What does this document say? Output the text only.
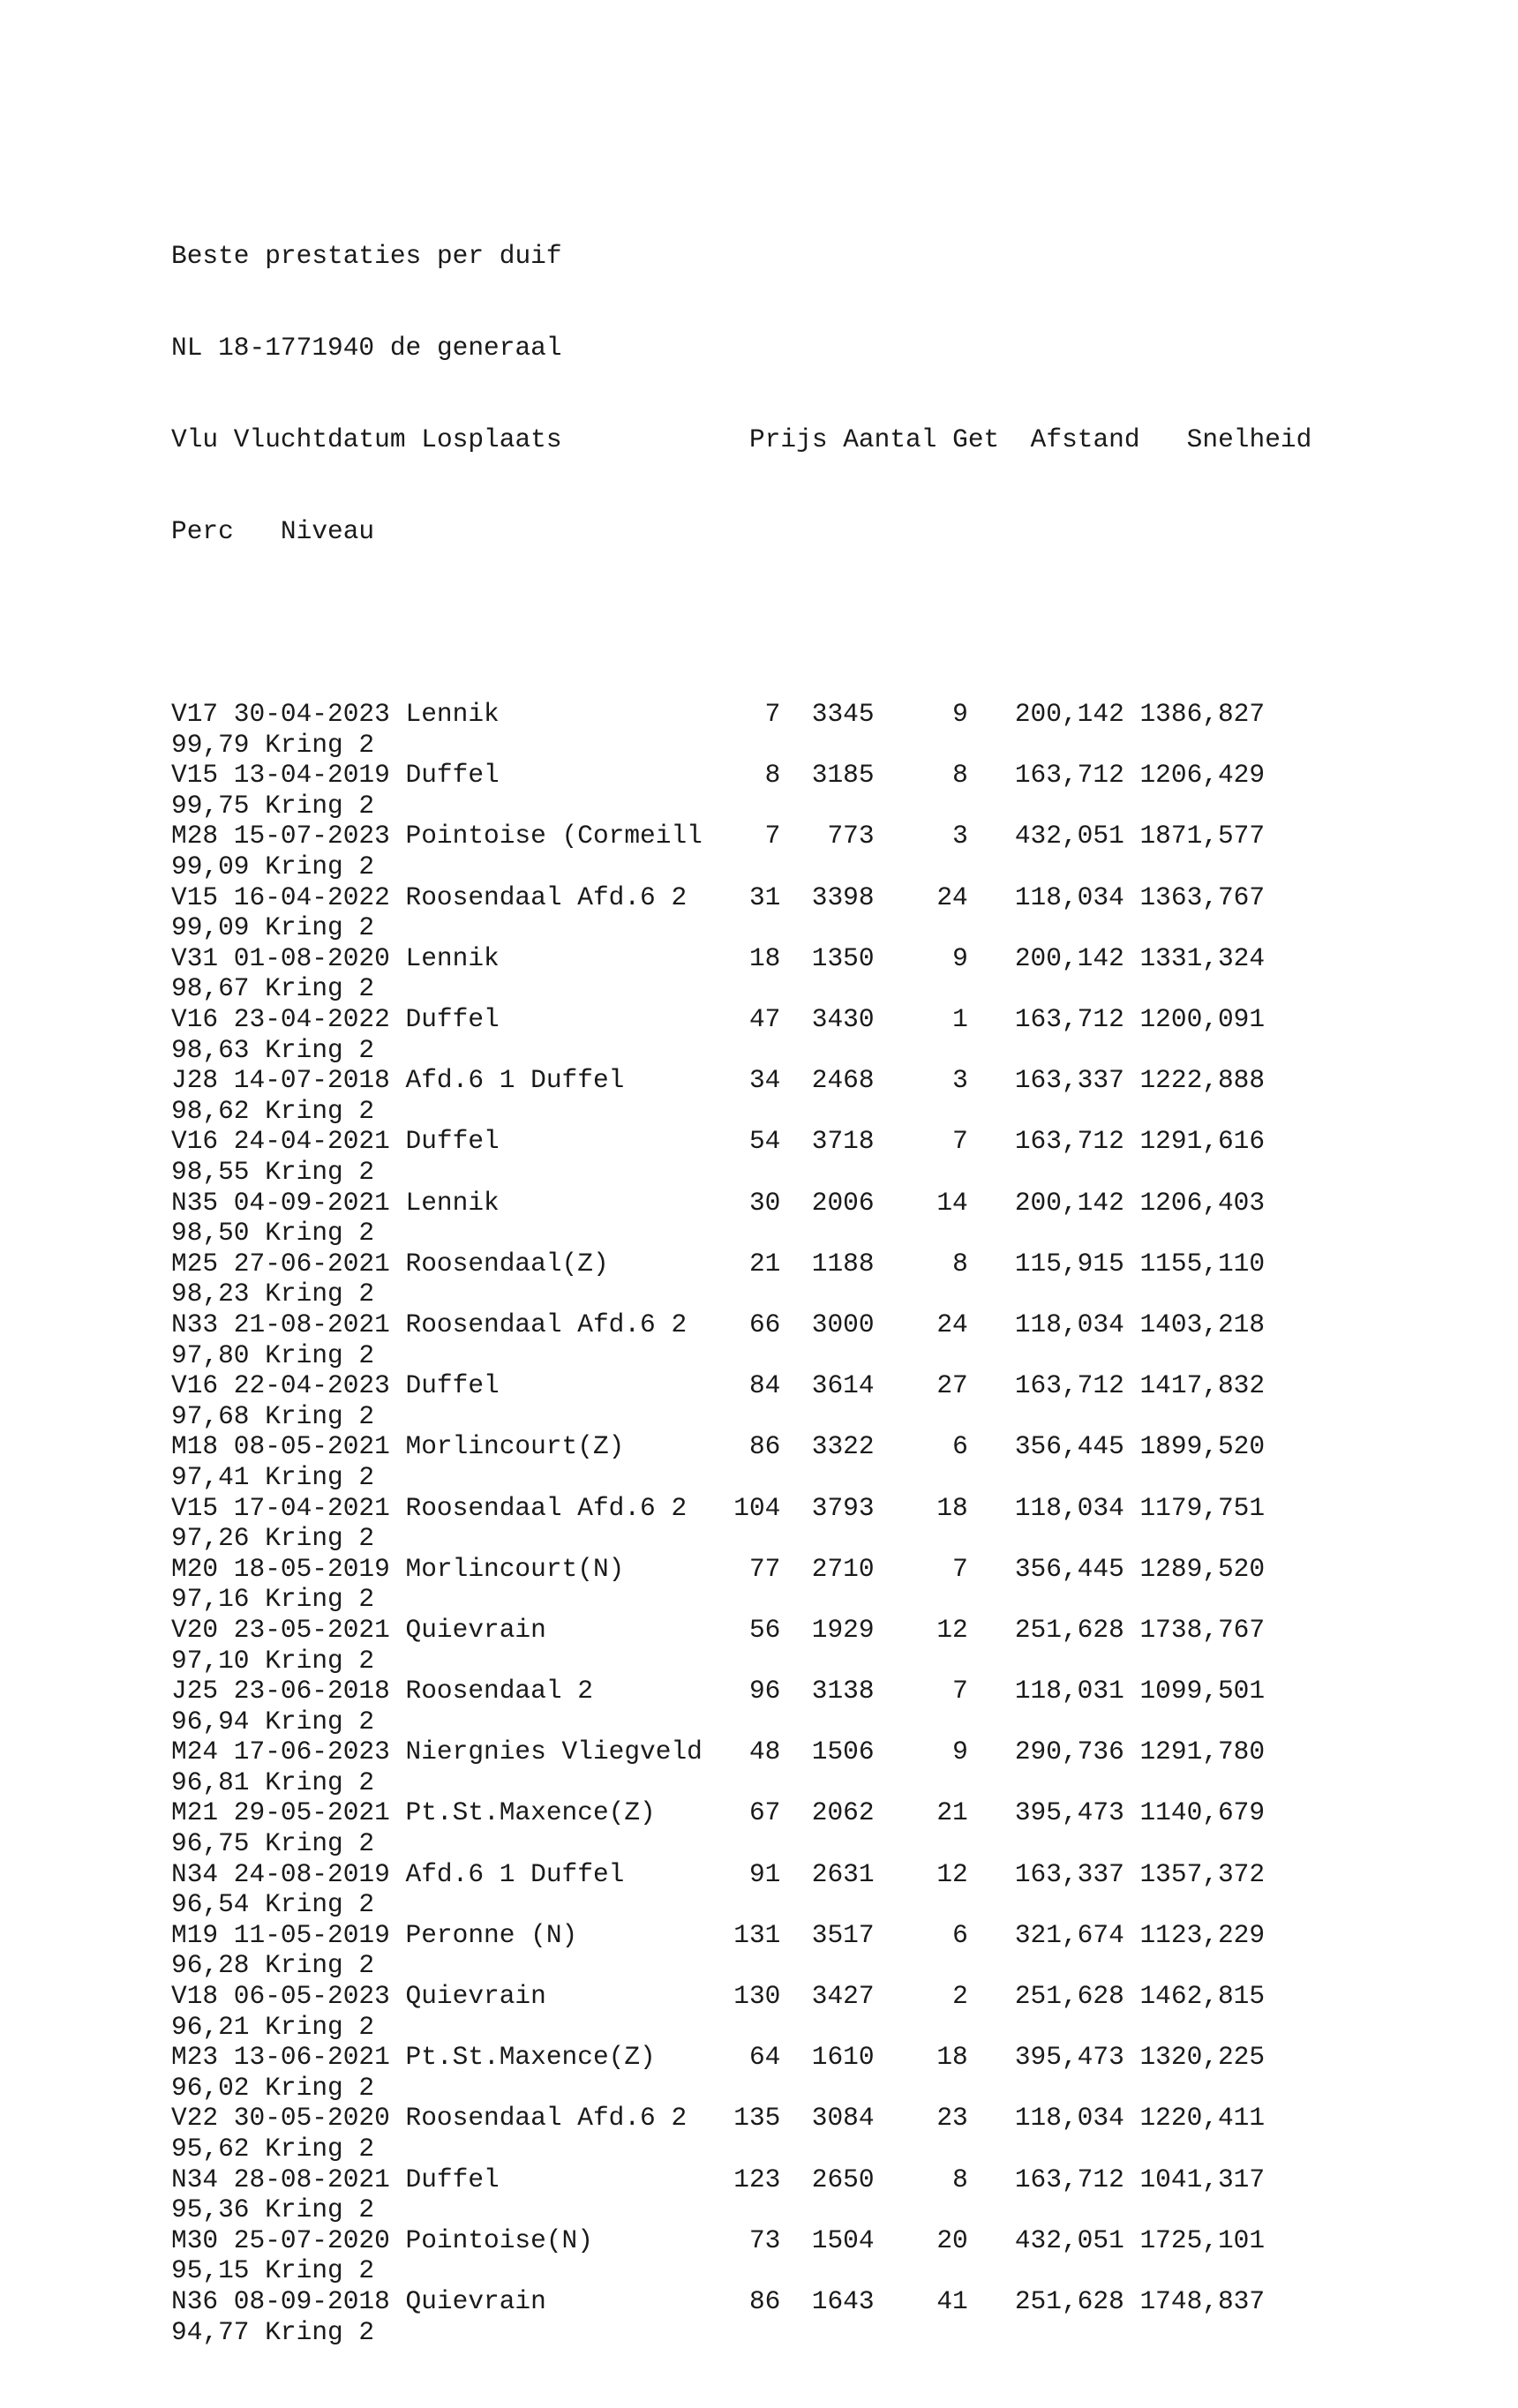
Beste prestaties per duif

NL 18-1771940 de generaal

Vlu Vluchtdatum Losplaats            Prijs Aantal Get  Afstand   Snelheid

Perc   Niveau

V17 30-04-2023 Lennik	7 3345	9 200,142 1386,827
99,79 Kring 2
V15 13-04-2019 Duffel	8 3185	8 163,712 1206,429
99,75 Kring 2
M28 15-07-2023 Pointoise (Cormeill 7 773	3 432,051 1871,577
99,09 Kring 2
V15 16-04-2022 Roosendaal Afd.6 2 31 3398 24 118,034 1363,767
99,09 Kring 2
V31 01-08-2020 Lennik	18 1350	9 200,142 1331,324
98,67 Kring 2
V16 23-04-2022 Duffel	47 3430	1 163,712 1200,091
98,63 Kring 2
J28 14-07-2018 Afd.6 1 Duffel	34 2468	3 163,337 1222,888
98,62 Kring 2
V16 24-04-2021 Duffel	54 3718	7 163,712 1291,616
98,55 Kring 2
N35 04-09-2021 Lennik	30 2006 14 200,142 1206,403
98,50 Kring 2
M25 27-06-2021 Roosendaal(Z)	21 1188	8 115,915 1155,110
98,23 Kring 2
N33 21-08-2021 Roosendaal Afd.6 2 66 3000 24 118,034 1403,218
97,80 Kring 2
V16 22-04-2023 Duffel	84 3614 27 163,712 1417,832
97,68 Kring 2
M18 08-05-2021 Morlincourt(Z)	86 3322	6 356,445 1899,520
97,41 Kring 2
V15 17-04-2021 Roosendaal Afd.6 2 104 3793 18 118,034 1179,751
97,26 Kring 2
M20 18-05-2019 Morlincourt(N)	77 2710	7 356,445 1289,520
97,16 Kring 2
V20 23-05-2021 Quievrain	56 1929 12 251,628 1738,767
97,10 Kring 2
J25 23-06-2018 Roosendaal 2	96 3138	7 118,031 1099,501
96,94 Kring 2
M24 17-06-2023 Niergnies Vliegveld 48 1506	9 290,736 1291,780
96,81 Kring 2
M21 29-05-2021 Pt.St.Maxence(Z)	67 2062 21 395,473 1140,679
96,75 Kring 2
N34 24-08-2019 Afd.6 1 Duffel	91 2631 12 163,337 1357,372
96,54 Kring 2
M19 11-05-2019 Peronne (N)	131 3517	6 321,674 1123,229
96,28 Kring 2
V18 06-05-2023 Quievrain	130 3427	2 251,628 1462,815
96,21 Kring 2
M23 13-06-2021 Pt.St.Maxence(Z)	64 1610 18 395,473 1320,225
96,02 Kring 2
V22 30-05-2020 Roosendaal Afd.6 2 135 3084 23 118,034 1220,411
95,62 Kring 2
N34 28-08-2021 Duffel	123 2650	8 163,712 1041,317
95,36 Kring 2
M30 25-07-2020 Pointoise(N)	73 1504 20 432,051 1725,101
95,15 Kring 2
N36 08-09-2018 Quievrain	86 1643 41 251,628 1748,837
94,77 Kring 2
